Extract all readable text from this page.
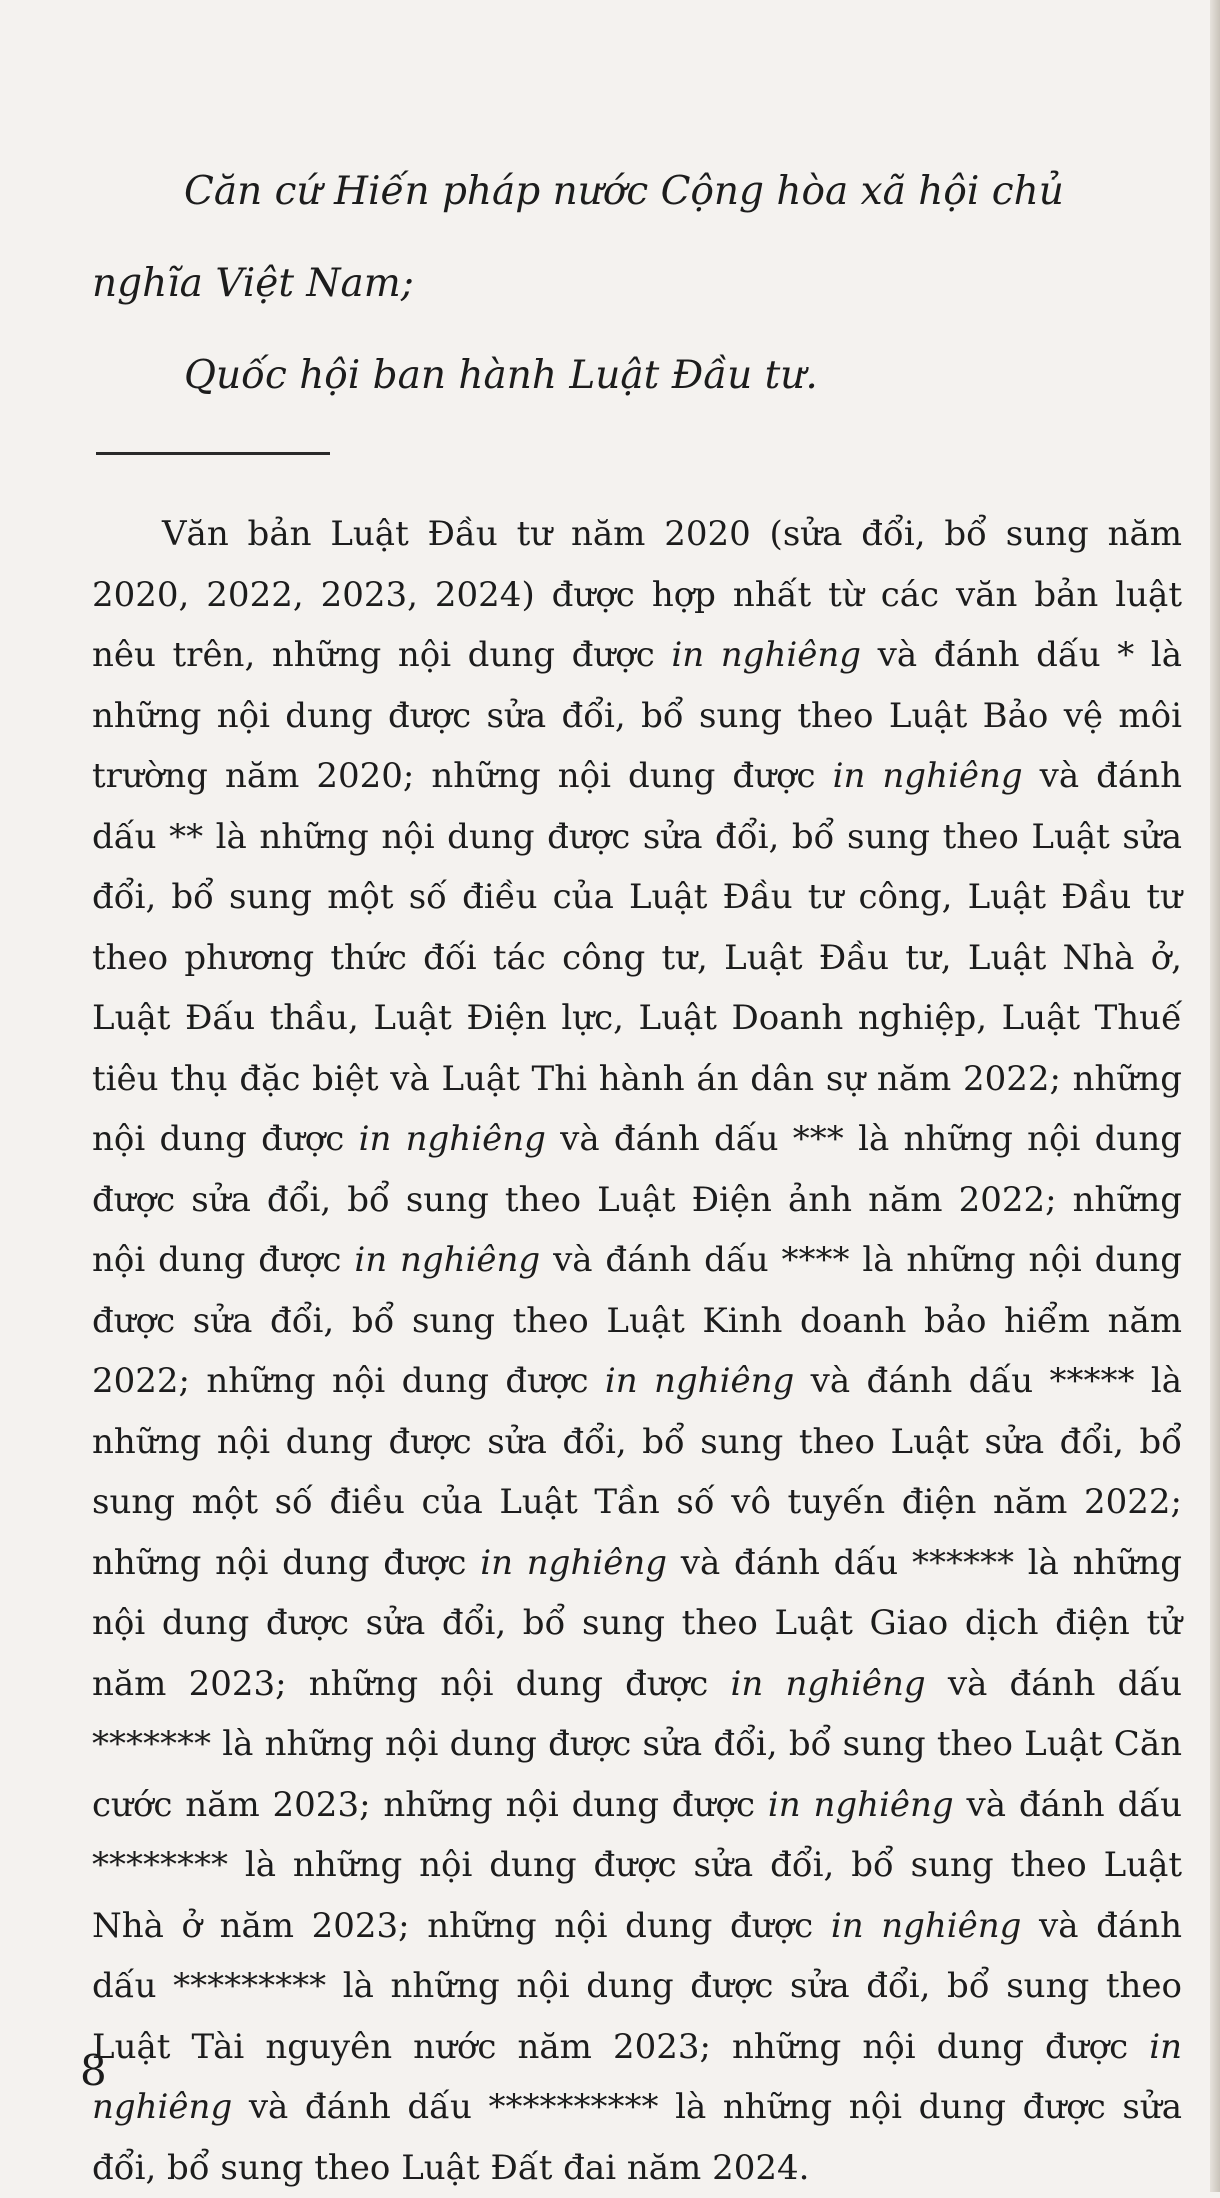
Căn cứ Hiến pháp nước Cộng hòa xã hội chủ nghĩa Việt Nam;

Quốc hội ban hành Luật Đầu tư.

Văn bản Luật Đầu tư năm 2020 (sửa đổi, bổ sung năm 2020, 2022, 2023, 2024) được hợp nhất từ các văn bản luật nêu trên, những nội dung được in nghiêng và đánh dấu * là những nội dung được sửa đổi, bổ sung theo Luật Bảo vệ môi trường năm 2020; những nội dung được in nghiêng và đánh dấu ** là những nội dung được sửa đổi, bổ sung theo Luật sửa đổi, bổ sung một số điều của Luật Đầu tư công, Luật Đầu tư theo phương thức đối tác công tư, Luật Đầu tư, Luật Nhà ở, Luật Đấu thầu, Luật Điện lực, Luật Doanh nghiệp, Luật Thuế tiêu thụ đặc biệt và Luật Thi hành án dân sự năm 2022; những nội dung được in nghiêng và đánh dấu *** là những nội dung được sửa đổi, bổ sung theo Luật Điện ảnh năm 2022; những nội dung được in nghiêng và đánh dấu **** là những nội dung được sửa đổi, bổ sung theo Luật Kinh doanh bảo hiểm năm 2022; những nội dung được in nghiêng và đánh dấu ***** là những nội dung được sửa đổi, bổ sung theo Luật sửa đổi, bổ sung một số điều của Luật Tần số vô tuyến điện năm 2022; những nội dung được in nghiêng và đánh dấu ****** là những nội dung được sửa đổi, bổ sung theo Luật Giao dịch điện tử năm 2023; những nội dung được in nghiêng và đánh dấu ******* là những nội dung được sửa đổi, bổ sung theo Luật Căn cước năm 2023; những nội dung được in nghiêng và đánh dấu ******** là những nội dung được sửa đổi, bổ sung theo Luật Nhà ở năm 2023; những nội dung được in nghiêng và đánh dấu ********* là những nội dung được sửa đổi, bổ sung theo Luật Tài nguyên nước năm 2023; những nội dung được in nghiêng và đánh dấu ********** là những nội dung được sửa đổi, bổ sung theo Luật Đất đai năm 2024.

8
